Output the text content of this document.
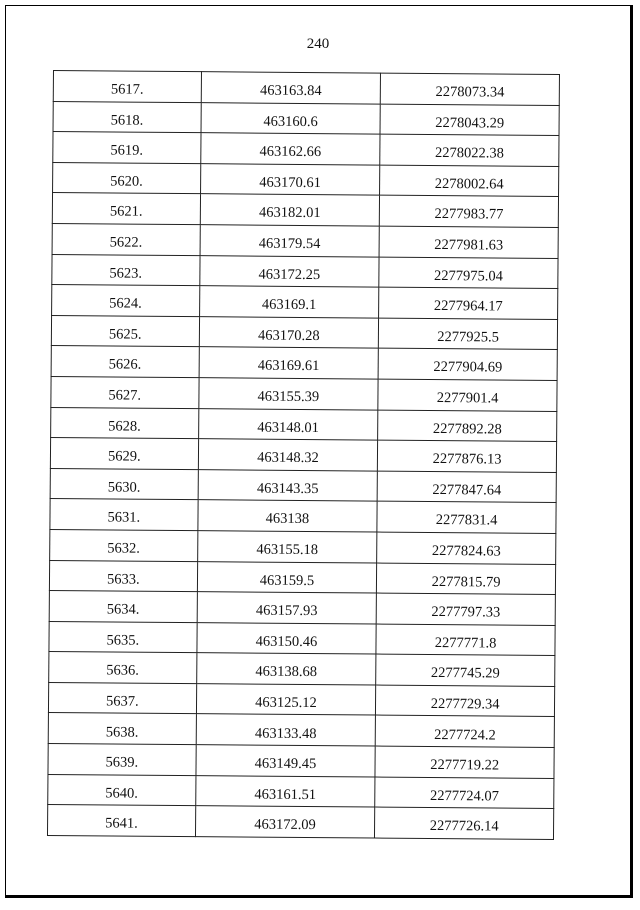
240
5617.	463163.84	2278073.34
5618.	463160.6	2278043.29
5619.	463162.66	2278022.38
5620.	463170.61	2278002.64
5621.	463182.01	2277983.77
5622.	463179.54	2277981.63
5623.	463172.25	2277975.04
5624.	463169.1	2277964.17
5625.	463170.28	2277925.5
5626.	463169.61	2277904.69
5627.	463155.39	2277901.4
5628.	463148.01	2277892.28
5629.	463148.32	2277876.13
5630.	463143.35	2277847.64
5631.	463138	2277831.4
5632.	463155.18	2277824.63
5633.	463159.5	2277815.79
5634.	463157.93	2277797.33
5635.	463150.46	2277771.8
5636.	463138.68	2277745.29
5637.	463125.12	2277729.34
5638.	463133.48	2277724.2
5639.	463149.45	2277719.22
5640.	463161.51	2277724.07
5641.	463172.09	2277726.14
